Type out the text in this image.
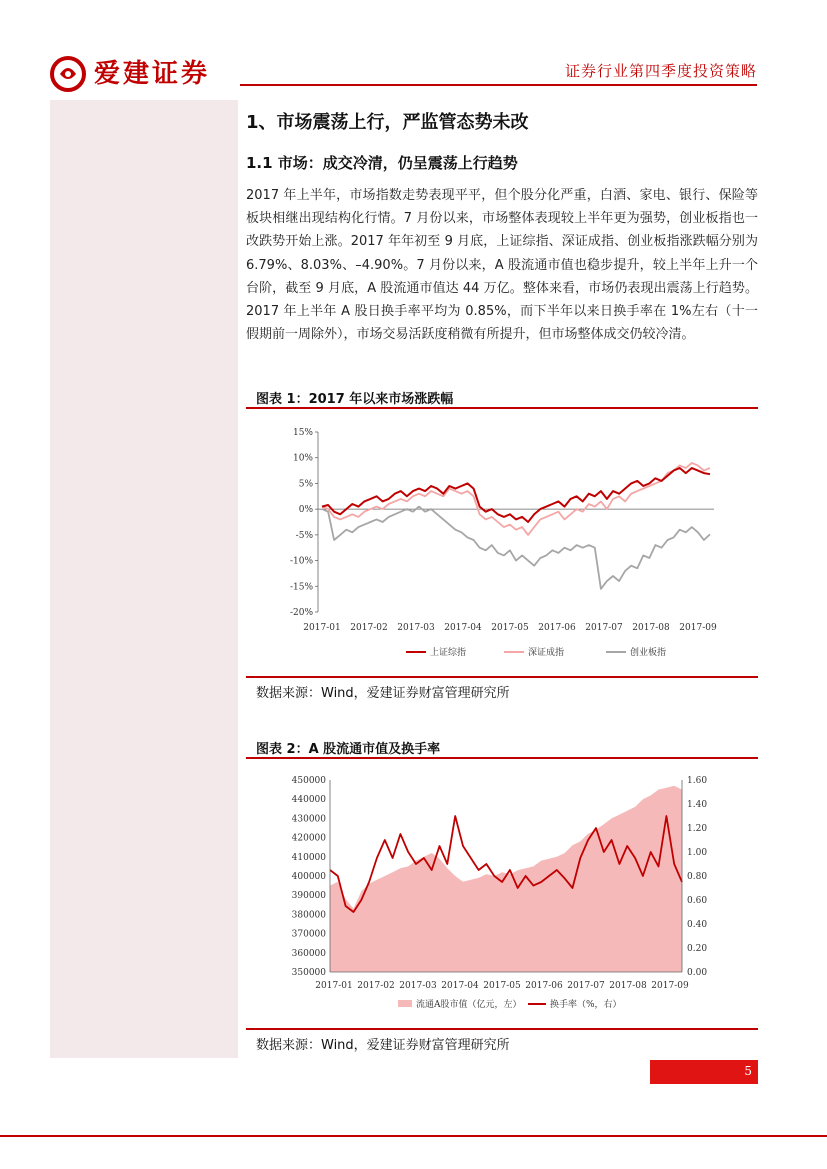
爱建证券	证券行业第四季度投资策略
1、市场震荡上行，严监管态势未改
1.1 市场：成交冷清，仍呈震荡上行趋势
2017 年上半年，市场指数走势表现平平，但个股分化严重，白酒、家电、银行、保险等板块相继出现结构化行情。7 月份以来，市场整体表现较上半年更为强势，创业板指也一改跌势开始上涨。2017 年年初至 9 月底，上证综指、深证成指、创业板指涨跌幅分别为 6.79%、8.03%、–4.90%。7 月份以来，A 股流通市值也稳步提升，较上半年上升一个台阶，截至 9 月底，A 股流通市值达 44 万亿。整体来看，市场仍表现出震荡上行趋势。2017 年上半年 A 股日换手率平均为 0.85%，而下半年以来日换手率在 1%左右（十一假期前一周除外），市场交易活跃度稍微有所提升，但市场整体成交仍较冷清。
图表 1：2017 年以来市场涨跌幅
15%
10%
5%
0%
-5%
-10%
-15%
-20%
2017-01 2017-02 2017-03 2017-04 2017-05 2017-06 2017-07 2017-08 2017-09
上证综指	深证成指	创业板指
数据来源：Wind，爱建证券财富管理研究所
图表 2：A 股流通市值及换手率
450000
440000
430000
420000
410000
400000
390000
380000
370000
360000
350000
1.60
1.40
1.20
1.00
0.80
0.60
0.40
0.20
0.00
2017-01 2017-02 2017-03 2017-04 2017-05 2017-06 2017-07 2017-08 2017-09
流通A股市值（亿元，左）	换手率（%，右）
数据来源：Wind，爱建证券财富管理研究所
5
